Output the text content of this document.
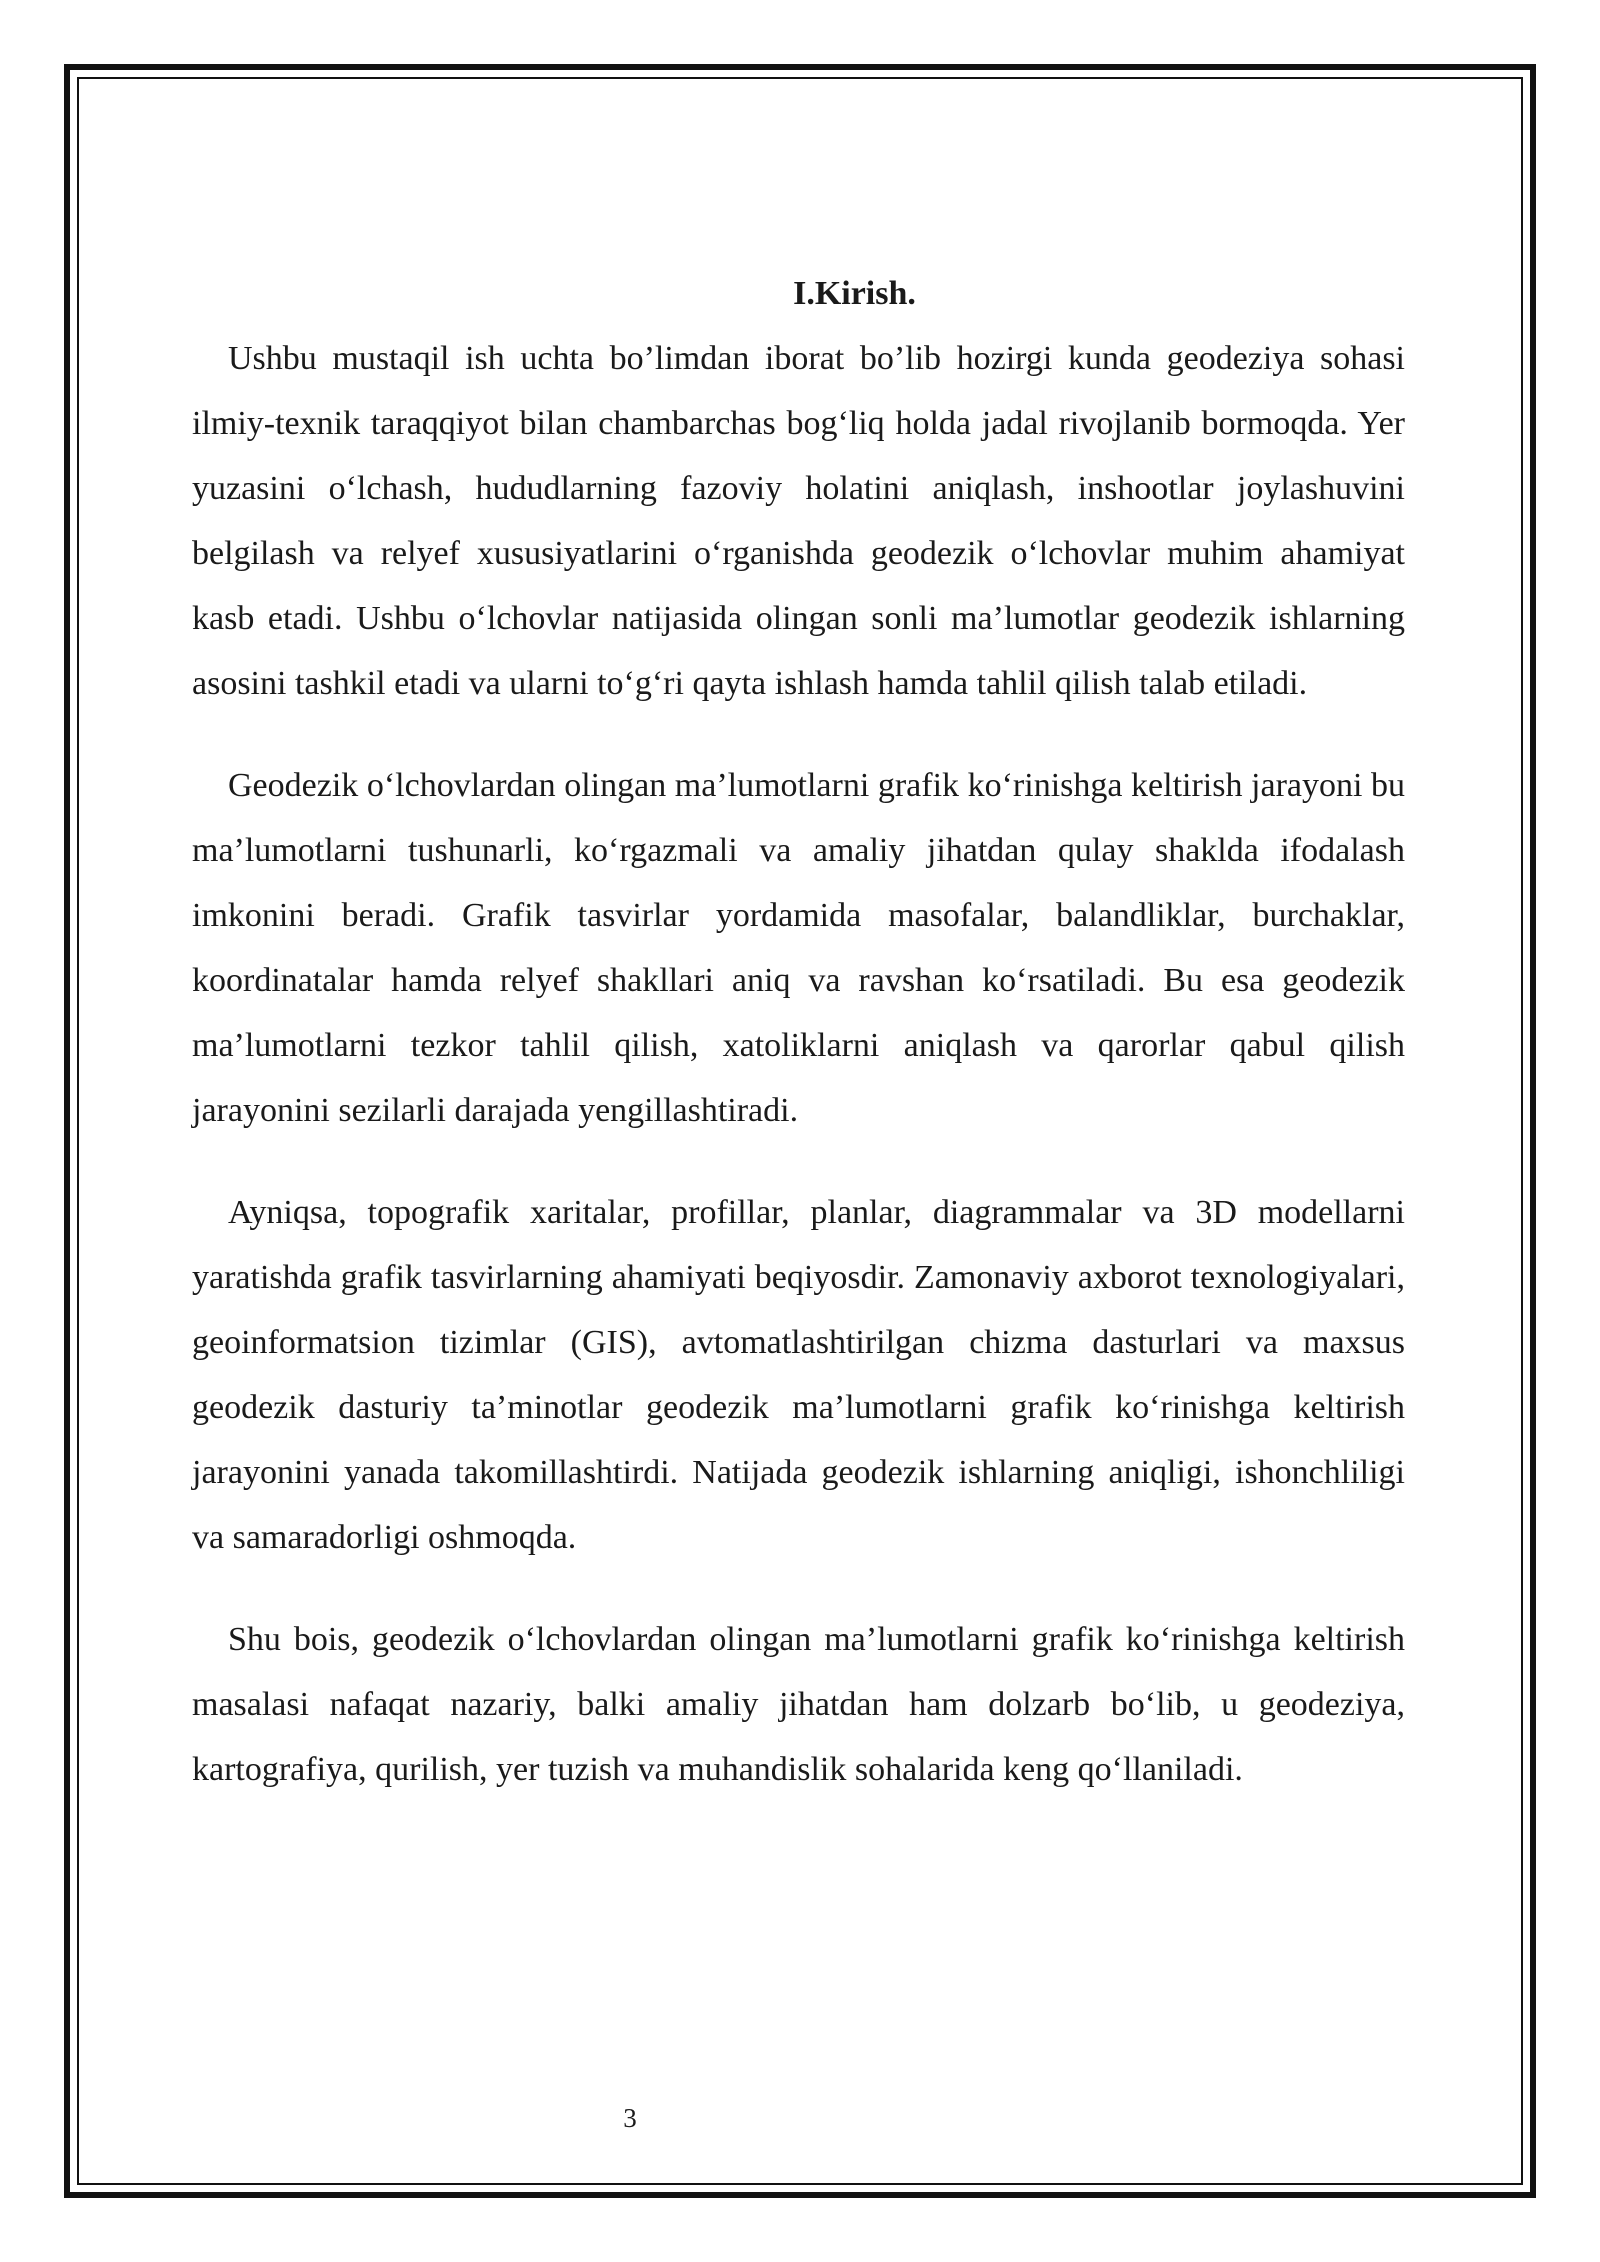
I.Kirish.

Ushbu mustaqil ish uchta bo’limdan iborat bo’lib hozirgi kunda geodeziya sohasi ilmiy-texnik taraqqiyot bilan chambarchas bog‘liq holda jadal rivojlanib bormoqda. Yer yuzasini o‘lchash, hududlarning fazoviy holatini aniqlash, inshootlar joylashuvini belgilash va relyef xususiyatlarini o‘rganishda geodezik o‘lchovlar muhim ahamiyat kasb etadi. Ushbu o‘lchovlar natijasida olingan sonli ma’lumotlar geodezik ishlarning asosini tashkil etadi va ularni to‘g‘ri qayta ishlash hamda tahlil qilish talab etiladi.

Geodezik o‘lchovlardan olingan ma’lumotlarni grafik ko‘rinishga keltirish jarayoni bu ma’lumotlarni tushunarli, ko‘rgazmali va amaliy jihatdan qulay shaklda ifodalash imkonini beradi. Grafik tasvirlar yordamida masofalar, balandliklar, burchaklar, koordinatalar hamda relyef shakllari aniq va ravshan ko‘rsatiladi. Bu esa geodezik ma’lumotlarni tezkor tahlil qilish, xatoliklarni aniqlash va qarorlar qabul qilish jarayonini sezilarli darajada yengillashtiradi.

Ayniqsa, topografik xaritalar, profillar, planlar, diagrammalar va 3D modellarni yaratishda grafik tasvirlarning ahamiyati beqiyosdir. Zamonaviy axborot texnologiyalari, geoinformatsion tizimlar (GIS), avtomatlashtirilgan chizma dasturlari va maxsus geodezik dasturiy ta’minotlar geodezik ma’lumotlarni grafik ko‘rinishga keltirish jarayonini yanada takomillashtirdi. Natijada geodezik ishlarning aniqligi, ishonchliligi va samaradorligi oshmoqda.

Shu bois, geodezik o‘lchovlardan olingan ma’lumotlarni grafik ko‘rinishga keltirish masalasi nafaqat nazariy, balki amaliy jihatdan ham dolzarb bo‘lib, u geodeziya, kartografiya, qurilish, yer tuzish va muhandislik sohalarida keng qo‘llaniladi.

3
